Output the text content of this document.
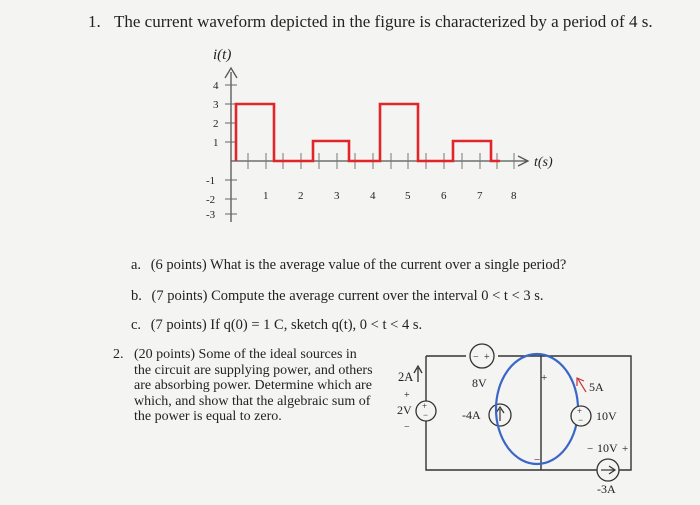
1. The current waveform depicted in the figure is characterized by a period of 4 s.
4
3
2
1
-1
-2
-3
1	2	3	4	5	6	7	8
i(t)
t(s)
a. (6 points) What is the average value of the current over a single period?
b. (7 points) Compute the average current over the interval 0 < t < 3 s.
c. (7 points) If q(0) = 1 C, sketch q(t), 0 < t < 4 s.
2. (20 points) Some of the ideal sources in
the circuit are supplying power, and others
are absorbing power. Determine which are
which, and show that the algebraic sum of
the power is equal to zero.
2A
+
−
+
2V
−
− +
8V
-4A
+
−
5A
+
− 10V
− 10V +
-3A
